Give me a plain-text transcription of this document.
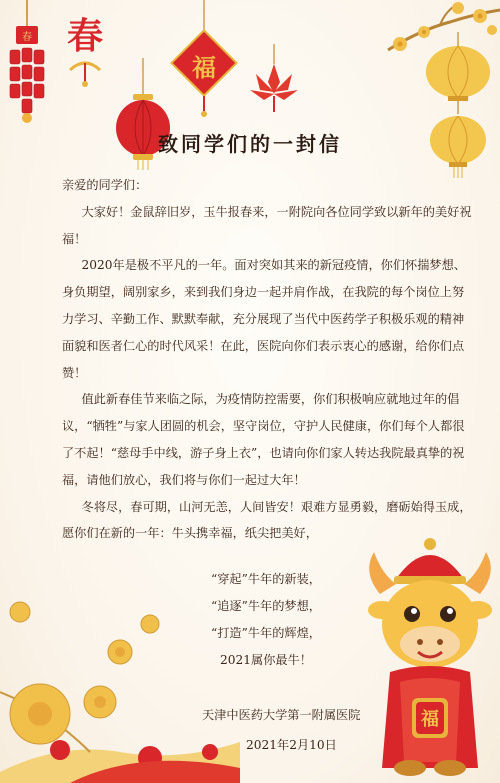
春 春
福
福
致同学们的一封信

亲爱的同学们：

大家好！金鼠辞旧岁，玉牛报春来，一附院向各位同学致以新年的美好祝福！

2020年是极不平凡的一年。面对突如其来的新冠疫情，你们怀揣梦想、身负期望，阔别家乡，来到我们身边一起并肩作战，在我院的每个岗位上努力学习、辛勤工作、默默奉献，充分展现了当代中医药学子积极乐观的精神面貌和医者仁心的时代风采！在此，医院向你们表示衷心的感谢，给你们点赞！

值此新春佳节来临之际，为疫情防控需要，你们积极响应就地过年的倡议，“牺牲”与家人团圆的机会，坚守岗位，守护人民健康，你们每个人都很了不起！“慈母手中线，游子身上衣”，也请向你们家人转达我院最真挚的祝福，请他们放心，我们将与你们一起过大年！

冬将尽，春可期，山河无恙，人间皆安！艰难方显勇毅，磨砺始得玉成，愿你们在新的一年：牛头携幸福，纸尖把美好，

“穿起”牛年的新装，
“追逐”牛年的梦想，
“打造”牛年的辉煌，
2021属你最牛！
天津中医药大学第一附属医院
2021年2月10日
